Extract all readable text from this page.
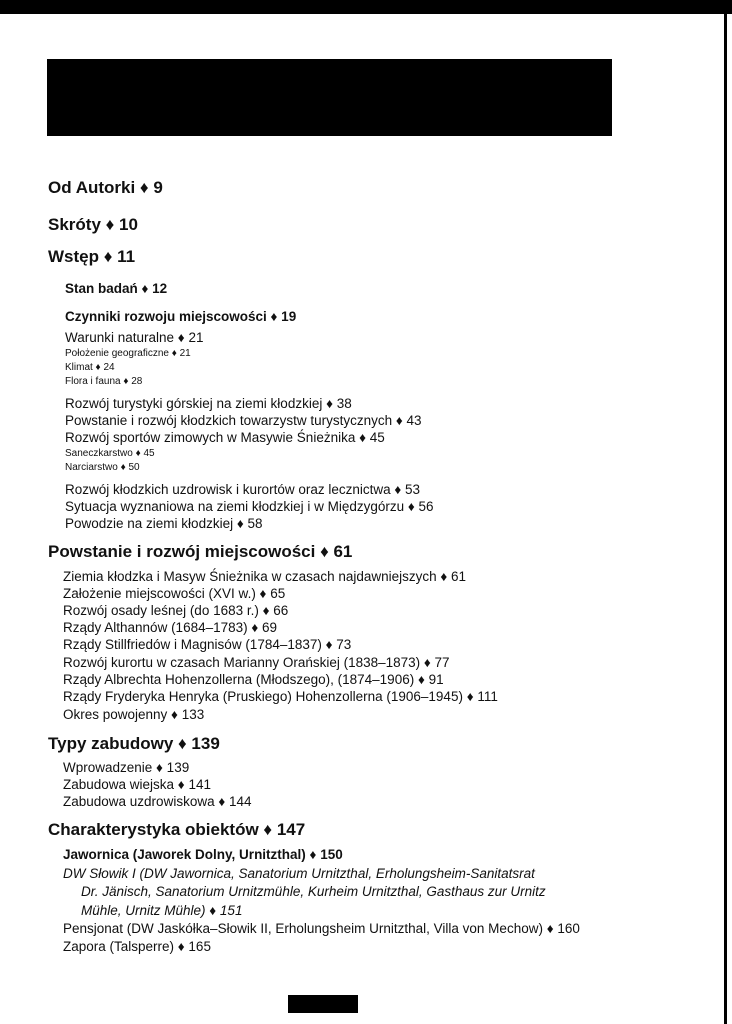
Od Autorki ♦ 9
Skróty ♦ 10
Wstęp ♦ 11
Stan badań ♦ 12
Czynniki rozwoju miejscowości ♦ 19
Warunki naturalne ♦ 21
Położenie geograficzne ♦ 21
Klimat ♦ 24
Flora i fauna ♦ 28
Rozwój turystyki górskiej na ziemi kłodzkiej ♦ 38
Powstanie i rozwój kłodzkich towarzystw turystycznych ♦ 43
Rozwój sportów zimowych w Masywie Śnieżnika ♦ 45
Saneczkarstwo ♦ 45
Narciarstwo ♦ 50
Rozwój kłodzkich uzdrowisk i kurortów oraz lecznictwa ♦ 53
Sytuacja wyznaniowa na ziemi kłodzkiej i w Międzygórzu ♦ 56
Powodzie na ziemi kłodzkiej ♦ 58
Powstanie i rozwój miejscowości ♦ 61
Ziemia kłodzka i Masyw Śnieżnika w czasach najdawniejszych ♦ 61
Założenie miejscowości (XVI w.) ♦ 65
Rozwój osady leśnej (do 1683 r.) ♦ 66
Rządy Althannów (1684–1783) ♦ 69
Rządy Stillfriedów i Magnisów (1784–1837) ♦ 73
Rozwój kurortu w czasach Marianny Orańskiej (1838–1873) ♦ 77
Rządy Albrechta Hohenzollerna (Młodszego), (1874–1906) ♦ 91
Rządy Fryderyka Henryka (Pruskiego) Hohenzollerna (1906–1945) ♦ 111
Okres powojenny ♦ 133
Typy zabudowy ♦ 139
Wprowadzenie ♦ 139
Zabudowa wiejska ♦ 141
Zabudowa uzdrowiskowa ♦ 144
Charakterystyka obiektów ♦ 147
Jawornica (Jaworek Dolny, Urnitzthal) ♦ 150
DW Słowik I (DW Jawornica, Sanatorium Urnitzthal, Erholungsheim-Sanitatsrat
Dr. Jänisch, Sanatorium Urnitzmühle, Kurheim Urnitzthal, Gasthaus zur Urnitz
Mühle, Urnitz Mühle) ♦ 151
Pensjonat (DW Jaskółka–Słowik II, Erholungsheim Urnitzthal, Villa von Mechow) ♦ 160
Zapora (Talsperre) ♦ 165
